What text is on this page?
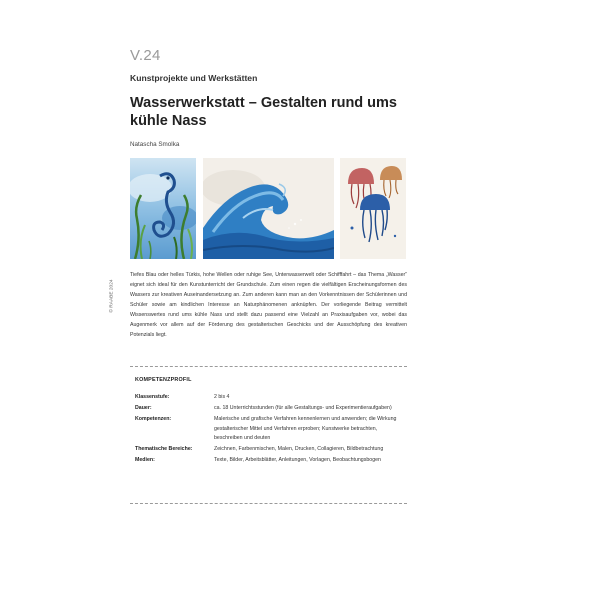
V.24
Kunstprojekte und Werkstätten
Wasserwerkstatt – Gestalten rund ums kühle Nass
Natascha Smolka
© RAABE 2024
Tiefes Blau oder helles Türkis, hohe Wellen oder ruhige See, Unterwasserwelt oder Schifffahrt – das Thema „Wasser“ eignet sich ideal für den Kunstunterricht der Grundschule. Zum einen regen die vielfältigen Erscheinungsformen des Wassers zur kreativen Auseinandersetzung an. Zum anderen kann man an den Vorkenntnissen der Schülerinnen und Schüler sowie am kindlichen Interesse an Naturphänomenen anknüpfen. Der vorliegende Beitrag vermittelt Wissenswertes rund ums kühle Nass und stellt dazu passend eine Vielzahl an Praxisaufgaben vor, wobei das Augenmerk vor allem auf der Förderung des gestalterischen Geschicks und der Ausschöpfung des kreativen Potenzials liegt.
KOMPETENZPROFIL
Klassenstufe:	2 bis 4
Dauer:	ca. 18 Unterrichtsstunden (für alle Gestaltungs- und Experimentieraufgaben)
Kompetenzen:	Malerische und grafische Verfahren kennenlernen und anwenden; die Wirkung gestalterischer Mittel und Verfahren erproben; Kunstwerke betrachten, beschreiben und deuten
Thematische Bereiche:	Zeichnen, Farbenmischen, Malen, Drucken, Collagieren, Bildbetrachtung
Medien:	Texte, Bilder, Arbeitsblätter, Anleitungen, Vorlagen, Beobachtungsbogen
